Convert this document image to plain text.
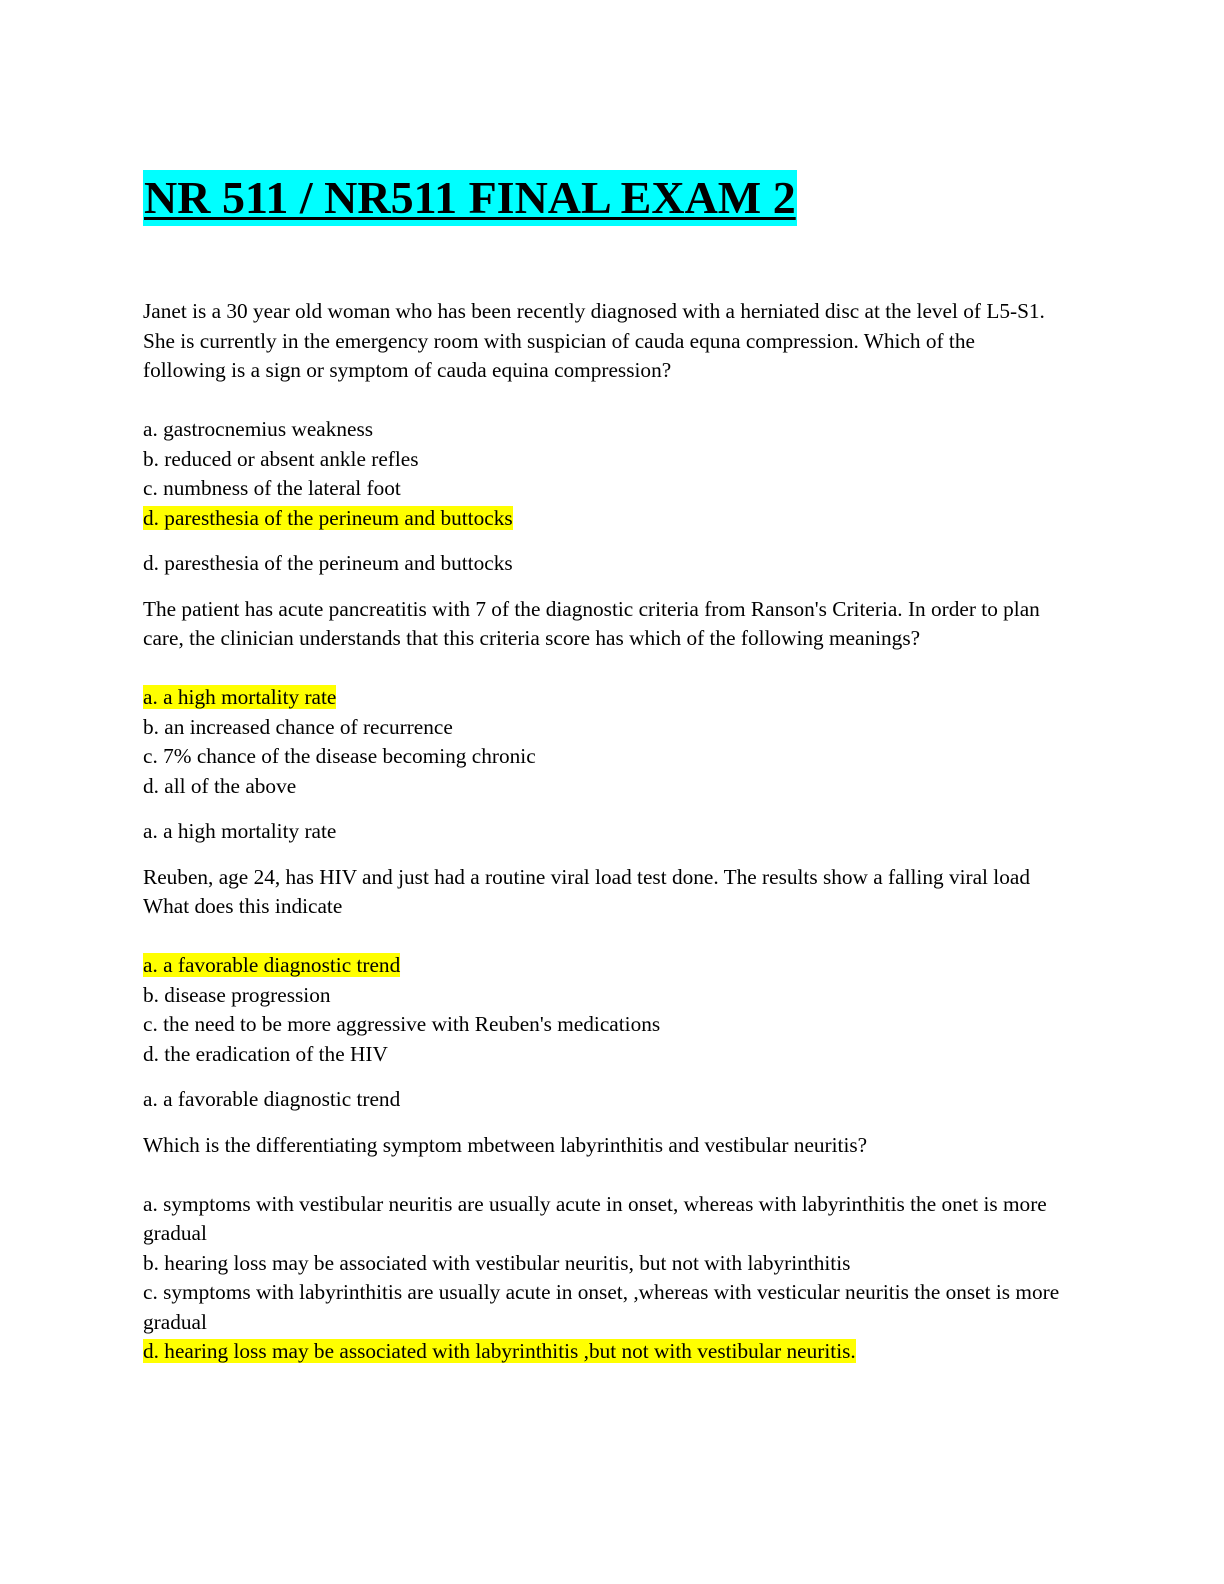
NR 511 / NR511 FINAL EXAM 2

Janet is a 30 year old woman who has been recently diagnosed with a herniated disc at the level of L5-S1. She is currently in the emergency room with suspician of cauda equna compression. Which of the following is a sign or symptom of cauda equina compression?

a. gastrocnemius weakness
b. reduced or absent ankle refles
c. numbness of the lateral foot
d. paresthesia of the perineum and buttocks

d. paresthesia of the perineum and buttocks

The patient has acute pancreatitis with 7 of the diagnostic criteria from Ranson's Criteria. In order to plan care, the clinician understands that this criteria score has which of the following meanings?

a. a high mortality rate
b. an increased chance of recurrence
c. 7% chance of the disease becoming chronic
d. all of the above

a. a high mortality rate

Reuben, age 24, has HIV and just had a routine viral load test done. The results show a falling viral load What does this indicate

a. a favorable diagnostic trend
b. disease progression
c. the need to be more aggressive with Reuben's medications
d. the eradication of the HIV

a. a favorable diagnostic trend

Which is the differentiating symptom mbetween labyrinthitis and vestibular neuritis?

a. symptoms with vestibular neuritis are usually acute in onset, whereas with labyrinthitis the onet is more gradual
b. hearing loss may be associated with vestibular neuritis, but not with labyrinthitis
c. symptoms with labyrinthitis are usually acute in onset, ,whereas with vesticular neuritis the onset is more gradual
d. hearing loss may be associated with labyrinthitis ,but not with vestibular neuritis.
